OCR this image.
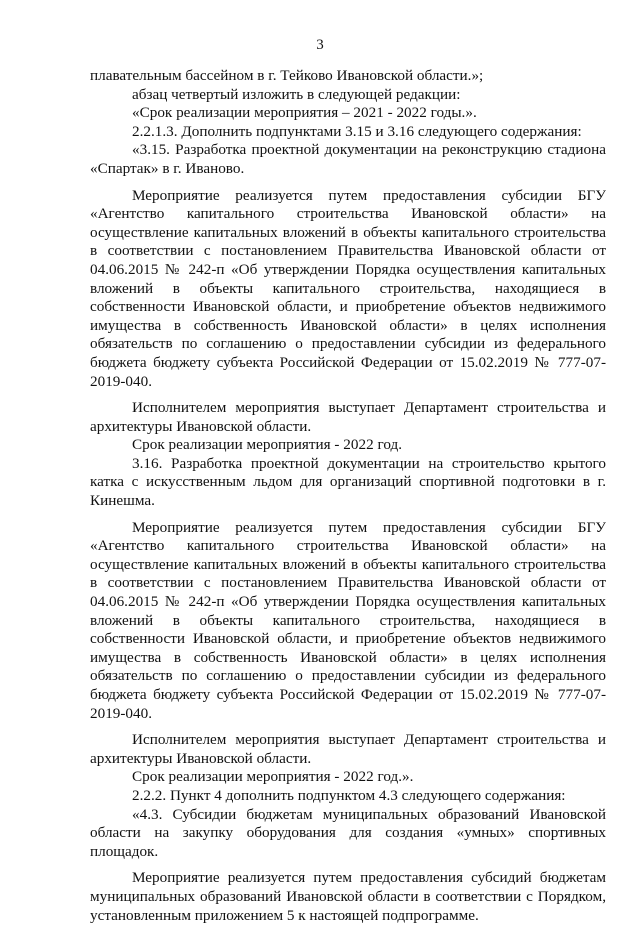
3

плавательным бассейном в г. Тейково Ивановской области.»;

абзац четвертый изложить в следующей редакции:

«Срок реализации мероприятия – 2021 - 2022 годы.».

2.2.1.3. Дополнить подпунктами 3.15 и 3.16 следующего содержания:

«3.15. Разработка проектной документации на реконструкцию стадиона «Спартак» в г. Иваново.

Мероприятие реализуется путем предоставления субсидии БГУ «Агентство капитального строительства Ивановской области» на осуществление капитальных вложений в объекты капитального строительства в соответствии с постановлением Правительства Ивановской области от 04.06.2015 № 242-п «Об утверждении Порядка осуществления капитальных вложений в объекты капитального строительства, находящиеся в собственности Ивановской области, и приобретение объектов недвижимого имущества в собственность Ивановской области» в целях исполнения обязательств по соглашению о предоставлении субсидии из федерального бюджета бюджету субъекта Российской Федерации от 15.02.2019 № 777-07-2019-040.

Исполнителем мероприятия выступает Департамент строительства и архитектуры Ивановской области.

Срок реализации мероприятия - 2022 год.

3.16. Разработка проектной документации на строительство крытого катка с искусственным льдом для организаций спортивной подготовки в г. Кинешма.

Мероприятие реализуется путем предоставления субсидии БГУ «Агентство капитального строительства Ивановской области» на осуществление капитальных вложений в объекты капитального строительства в соответствии с постановлением Правительства Ивановской области от 04.06.2015 № 242-п «Об утверждении Порядка осуществления капитальных вложений в объекты капитального строительства, находящиеся в собственности Ивановской области, и приобретение объектов недвижимого имущества в собственность Ивановской области» в целях исполнения обязательств по соглашению о предоставлении субсидии из федерального бюджета бюджету субъекта Российской Федерации от 15.02.2019 № 777-07-2019-040.

Исполнителем мероприятия выступает Департамент строительства и архитектуры Ивановской области.

Срок реализации мероприятия - 2022 год.».

2.2.2. Пункт 4 дополнить подпунктом 4.3 следующего содержания:

«4.3. Субсидии бюджетам муниципальных образований Ивановской области на закупку оборудования для создания «умных» спортивных площадок.

Мероприятие реализуется путем предоставления субсидий бюджетам муниципальных образований Ивановской области в соответствии с Порядком, установленным приложением 5 к настоящей подпрограмме.
